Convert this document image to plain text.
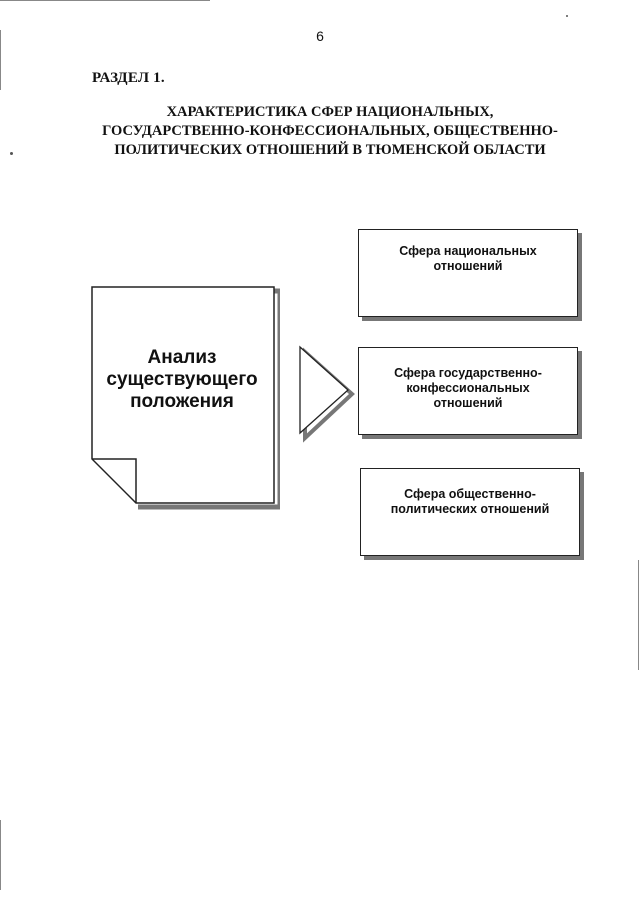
6
РАЗДЕЛ 1.
ХАРАКТЕРИСТИКА СФЕР НАЦИОНАЛЬНЫХ,
ГОСУДАРСТВЕННО-КОНФЕССИОНАЛЬНЫХ, ОБЩЕСТВЕННО-
ПОЛИТИЧЕСКИХ ОТНОШЕНИЙ В ТЮМЕНСКОЙ ОБЛАСТИ
Анализ
существующего
положения
Сфера национальных
отношений
Сфера государственно-
конфессиональных
отношений
Сфера общественно-
политических отношений
